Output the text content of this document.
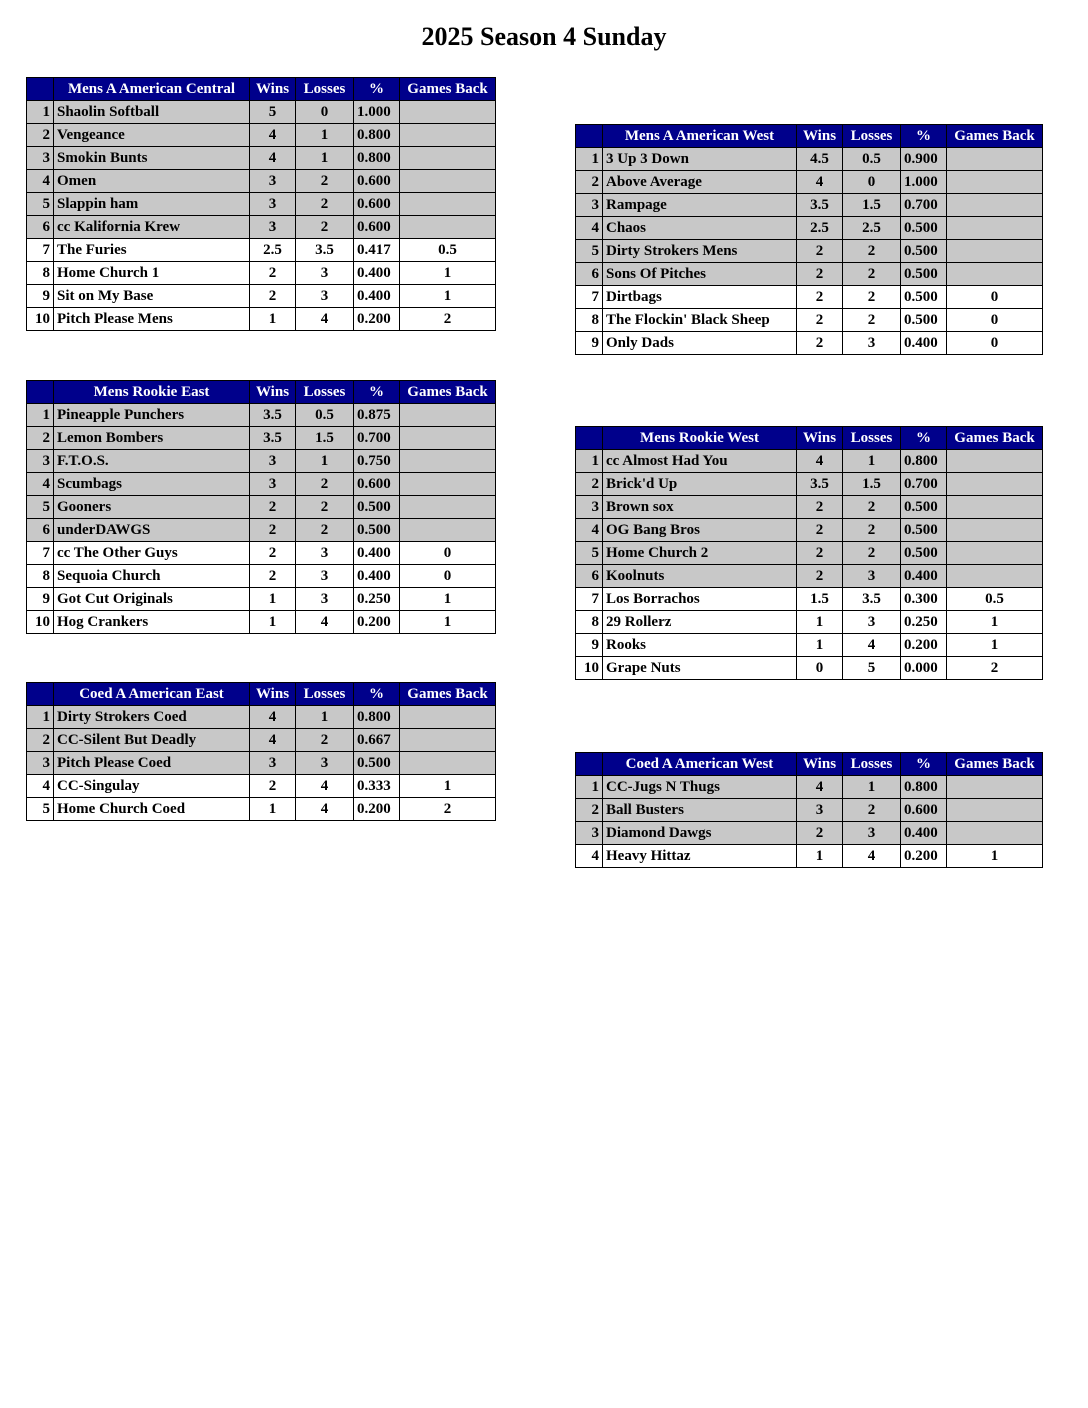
2025 Season 4 Sunday
	Mens A American Central	Wins	Losses	%	Games Back
1	Shaolin Softball	5	0	1.000	
2	Vengeance	4	1	0.800	
3	Smokin Bunts	4	1	0.800	
4	Omen	3	2	0.600	
5	Slappin ham	3	2	0.600	
6	cc Kalifornia Krew	3	2	0.600	
7	The Furies	2.5	3.5	0.417	0.5
8	Home Church 1	2	3	0.400	1
9	Sit on My Base	2	3	0.400	1
10	Pitch Please Mens	1	4	0.200	2
	Mens Rookie East	Wins	Losses	%	Games Back
1	Pineapple Punchers	3.5	0.5	0.875	
2	Lemon Bombers	3.5	1.5	0.700	
3	F.T.O.S.	3	1	0.750	
4	Scumbags	3	2	0.600	
5	Gooners	2	2	0.500	
6	underDAWGS	2	2	0.500	
7	cc The Other Guys	2	3	0.400	0
8	Sequoia Church	2	3	0.400	0
9	Got Cut Originals	1	3	0.250	1
10	Hog Crankers	1	4	0.200	1
	Coed A American East	Wins	Losses	%	Games Back
1	Dirty Strokers Coed	4	1	0.800	
2	CC-Silent But Deadly	4	2	0.667	
3	Pitch Please Coed	3	3	0.500	
4	CC-Singulay	2	4	0.333	1
5	Home Church Coed	1	4	0.200	2
	Mens A American West	Wins	Losses	%	Games Back
1	3 Up 3 Down	4.5	0.5	0.900	
2	Above Average	4	0	1.000	
3	Rampage	3.5	1.5	0.700	
4	Chaos	2.5	2.5	0.500	
5	Dirty Strokers Mens	2	2	0.500	
6	Sons Of Pitches	2	2	0.500	
7	Dirtbags	2	2	0.500	0
8	The Flockin' Black Sheep	2	2	0.500	0
9	Only Dads	2	3	0.400	0
	Mens Rookie West	Wins	Losses	%	Games Back
1	cc Almost Had You	4	1	0.800	
2	Brick'd Up	3.5	1.5	0.700	
3	Brown sox	2	2	0.500	
4	OG Bang Bros	2	2	0.500	
5	Home Church 2	2	2	0.500	
6	Koolnuts	2	3	0.400	
7	Los Borrachos	1.5	3.5	0.300	0.5
8	29 Rollerz	1	3	0.250	1
9	Rooks	1	4	0.200	1
10	Grape Nuts	0	5	0.000	2
	Coed A American West	Wins	Losses	%	Games Back
1	CC-Jugs N Thugs	4	1	0.800	
2	Ball Busters	3	2	0.600	
3	Diamond Dawgs	2	3	0.400	
4	Heavy Hittaz	1	4	0.200	1
